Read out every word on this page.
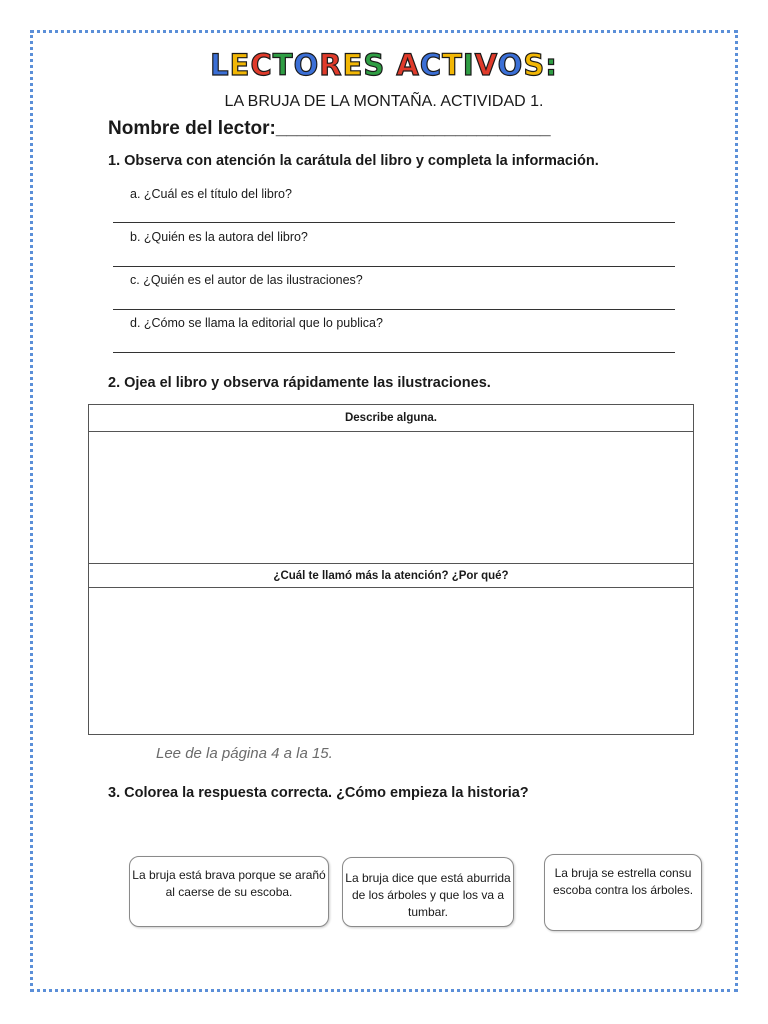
LECTORES ACTIVOS:
LA BRUJA DE LA MONTAÑA. ACTIVIDAD 1.
Nombre del lector:__________________________
1. Observa con atención la carátula del libro y completa la información.
a. ¿Cuál es el título del libro?
b. ¿Quién es la autora del libro?
c. ¿Quién es el autor de las ilustraciones?
d. ¿Cómo se llama la editorial que lo publica?
2. Ojea el libro y observa rápidamente las ilustraciones.
Describe alguna.
¿Cuál te llamó más la atención? ¿Por qué?
Lee de la página 4 a la 15.
3. Colorea la respuesta correcta. ¿Cómo empieza la historia?
La bruja está brava porque se arañó al caerse de su escoba.
La bruja dice que está aburrida de los árboles y que los va a tumbar.
La bruja se estrella consu escoba contra los árboles.
